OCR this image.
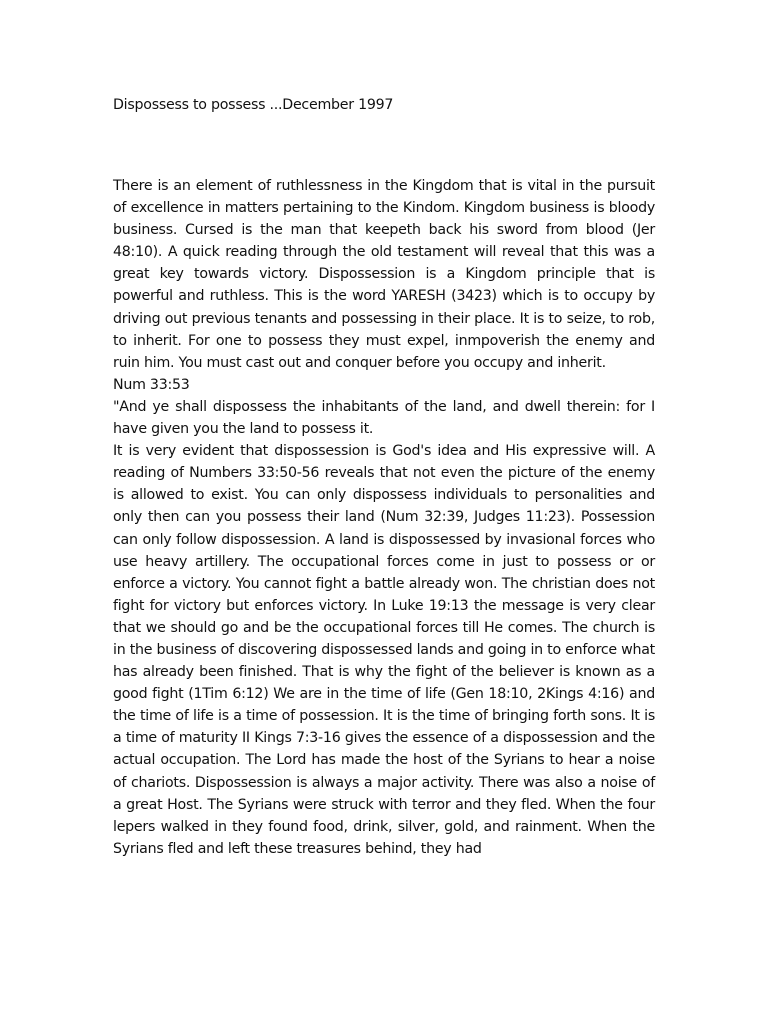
Dispossess to possess ...December 1997

There is an element of ruthlessness in the Kingdom that is vital in the pursuit of excellence in matters pertaining to the Kindom. Kingdom business is bloody business. Cursed is the man that keepeth back his sword from blood (Jer 48:10). A quick reading through the old testament will reveal that this was a great key towards victory. Dispossession is a Kingdom principle that is powerful and ruthless. This is the word YARESH (3423) which is to occupy by driving out previous tenants and possessing in their place. It is to seize, to rob, to inherit. For one to possess they must expel, inmpoverish the enemy and ruin him. You must cast out and conquer before you occupy and inherit.

Num 33:53

"And ye shall dispossess the inhabitants of the land, and dwell therein: for I have given you the land to possess it.

It is very evident that dispossession is God's idea and His expressive will. A reading of Numbers 33:50-56 reveals that not even the picture of the enemy is allowed to exist. You can only dispossess individuals to personalities and only then can you possess their land (Num 32:39, Judges 11:23). Possession can only follow dispossession. A land is dispossessed by invasional forces who use heavy artillery. The occupational forces come in just to possess or or enforce a victory. You cannot fight a battle already won. The christian does not fight for victory but enforces victory. In Luke 19:13 the message is very clear that we should go and be the occupational forces till He comes. The church is in the business of discovering dispossessed lands and going in to enforce what has already been finished. That is why the fight of the believer is known as a good fight (1Tim 6:12) We are in the time of life (Gen 18:10, 2Kings 4:16) and the time of life is a time of possession. It is the time of bringing forth sons. It is a time of maturity II Kings 7:3-16 gives the essence of a dispossession and the actual occupation. The Lord has made the host of the Syrians to hear a noise of chariots. Dispossession is always a major activity. There was also a noise of a great Host. The Syrians were struck with terror and they fled. When the four lepers walked in they found food, drink, silver, gold, and rainment. When the Syrians fled and left these treasures behind, they had
